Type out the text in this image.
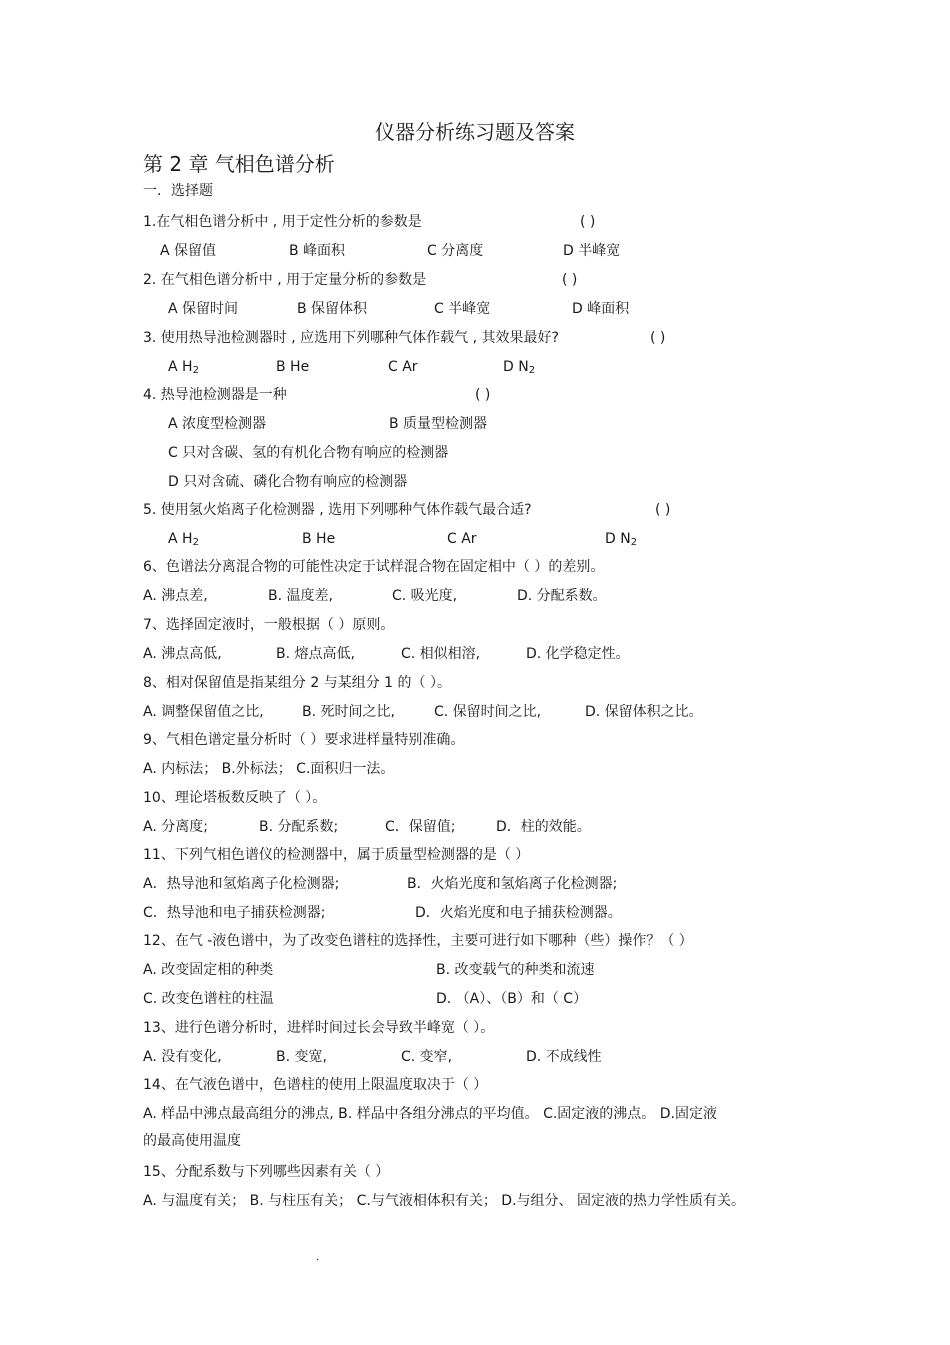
仪器分析练习题及答案
第 2 章 气相色谱分析
一．选择题
1.在气相色谱分析中 , 用于定性分析的参数是	( )
A 保留值	B 峰面积	C 分离度	D 半峰宽
2. 在气相色谱分析中 , 用于定量分析的参数是	( )
A 保留时间	B 保留体积	C 半峰宽	D 峰面积
3. 使用热导池检测器时 , 应选用下列哪种气体作载气 , 其效果最好?	( )
A $H_2$	B He	C Ar	D $N_2$
4. 热导池检测器是一种	( )
A 浓度型检测器	B 质量型检测器
C 只对含碳、氢的有机化合物有响应的检测器
D 只对含硫、磷化合物有响应的检测器
5. 使用氢火焰离子化检测器 , 选用下列哪种气体作载气最合适?	( )
A $H_2$	B He	C Ar	D $N_2$
6、色谱法分离混合物的可能性决定于试样混合物在固定相中（ ）的差别。
A. 沸点差,	B. 温度差,	C. 吸光度,	D. 分配系数。
7、选择固定液时，一般根据（ ）原则。
A. 沸点高低,	B. 熔点高低,	C. 相似相溶,	D. 化学稳定性。
8、相对保留值是指某组分 2 与某组分 1 的（ ）。
A. 调整保留值之比,	B. 死时间之比,	C. 保留时间之比,	D. 保留体积之比。
9、气相色谱定量分析时（ ）要求进样量特别准确。
A. 内标法； B.外标法； C.面积归一法。
10、理论塔板数反映了（ ）。
A. 分离度;	B. 分配系数;	C．保留值;	D．柱的效能。
11、下列气相色谱仪的检测器中，属于质量型检测器的是（ ）
A．热导池和氢焰离子化检测器;	B．火焰光度和氢焰离子化检测器;
C．热导池和电子捕获检测器;	D．火焰光度和电子捕获检测器。
12、在气 -液色谱中，为了改变色谱柱的选择性，主要可进行如下哪种（些）操作？（ ）
A. 改变固定相的种类	B. 改变载气的种类和流速
C. 改变色谱柱的柱温	D. （A）、（B）和（ C）
13、进行色谱分析时，进样时间过长会导致半峰宽（ ）。
A. 没有变化,	B. 变宽,	C. 变窄,	D. 不成线性
14、在气液色谱中，色谱柱的使用上限温度取决于（ ）
A. 样品中沸点最高组分的沸点, B. 样品中各组分沸点的平均值。 C.固定液的沸点。 D.固定液
的最高使用温度
15、分配系数与下列哪些因素有关（ ）
A. 与温度有关； B. 与柱压有关； C.与气液相体积有关； D.与组分、 固定液的热力学性质有关。
.
